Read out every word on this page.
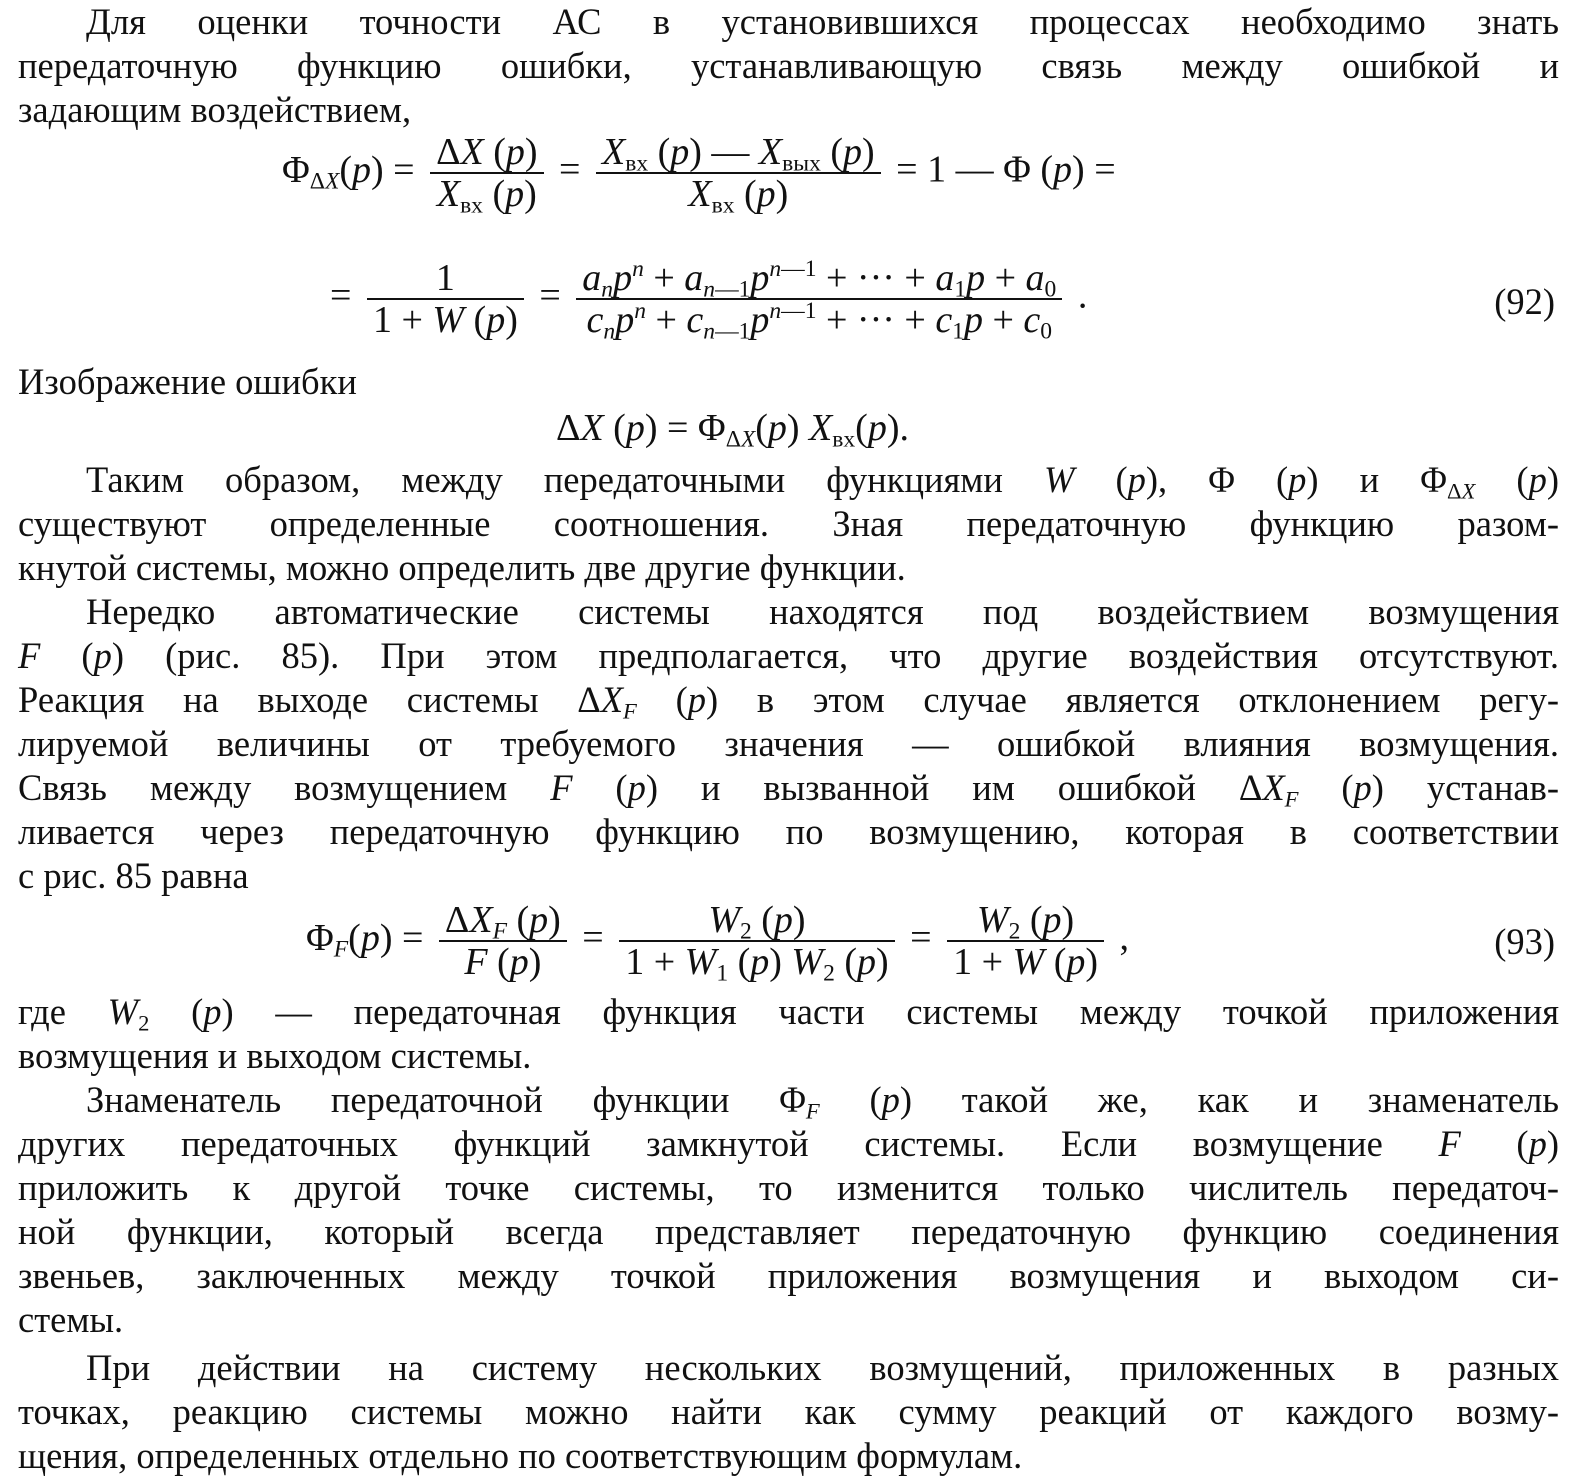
Для оценки точности АС в установившихся процессах необходимо знать
передаточную функцию ошибки, устанавливающую связь между ошибкой и
задающим воздействием,
$\Phi_{\Delta X}(p) = \frac{\Delta X (p)}{X_{вх} (p)} = \frac{X_{вх} (p) — X_{вых} (p)}{X_{вх} (p)} = 1$ — Φ (p) =
= $\frac{1}{1 + W (p)} = \frac{a_np^n + a_{n—1}p^{n—1} + \cdot\cdot\cdot + a_1p + a_0}{c_np^n + c_{n—1}p^{n—1} + \cdot\cdot\cdot + c_1p + c_0}$ .	(92)
Изображение ошибки
ΔX $(p) = \Phi_{\Delta X}(p)$ $X_{вх}(p)$.
Таким образом, между передаточными функциями W (p), Φ (p) и $\Phi_{\Delta X}$ (p)
существуют определенные соотношения. Зная передаточную функцию разом-
кнутой системы, можно определить две другие функции.
Нередко автоматические системы находятся под воздействием возмущения
F (p) (рис. 85). При этом предполагается, что другие воздействия отсутствуют.
Реакция на выходе системы $\Delta X_F$ (p) в этом случае является отклонением регу-
лируемой величины от требуемого значения — ошибкой влияния возмущения.
Связь между возмущением F (p) и вызванной им ошибкой $\Delta X_F$ (p) устанав-
ливается через передаточную функцию по возмущению, которая в соответствии
с рис. 85 равна
$\Phi_F(p) = \frac{\Delta X_F (p)}{F (p)} = \frac{W_2 (p)}{1 + W_1 (p) W_2 (p)} = \frac{W_2 (p)}{1 + W (p)}$ ,	(93)
где $W_2$ (p) — передаточная функция части системы между точкой приложения
возмущения и выходом системы.
Знаменатель передаточной функции $\Phi_F$ (p) такой же, как и знаменатель
других передаточных функций замкнутой системы. Если возмущение F (p)
приложить к другой точке системы, то изменится только числитель передаточ-
ной функции, который всегда представляет передаточную функцию соединения
звеньев, заключенных между точкой приложения возмущения и выходом си-
стемы.
При действии на систему нескольких возмущений, приложенных в разных
точках, реакцию системы можно найти как сумму реакций от каждого возму-
щения, определенных отдельно по соответствующим формулам.
